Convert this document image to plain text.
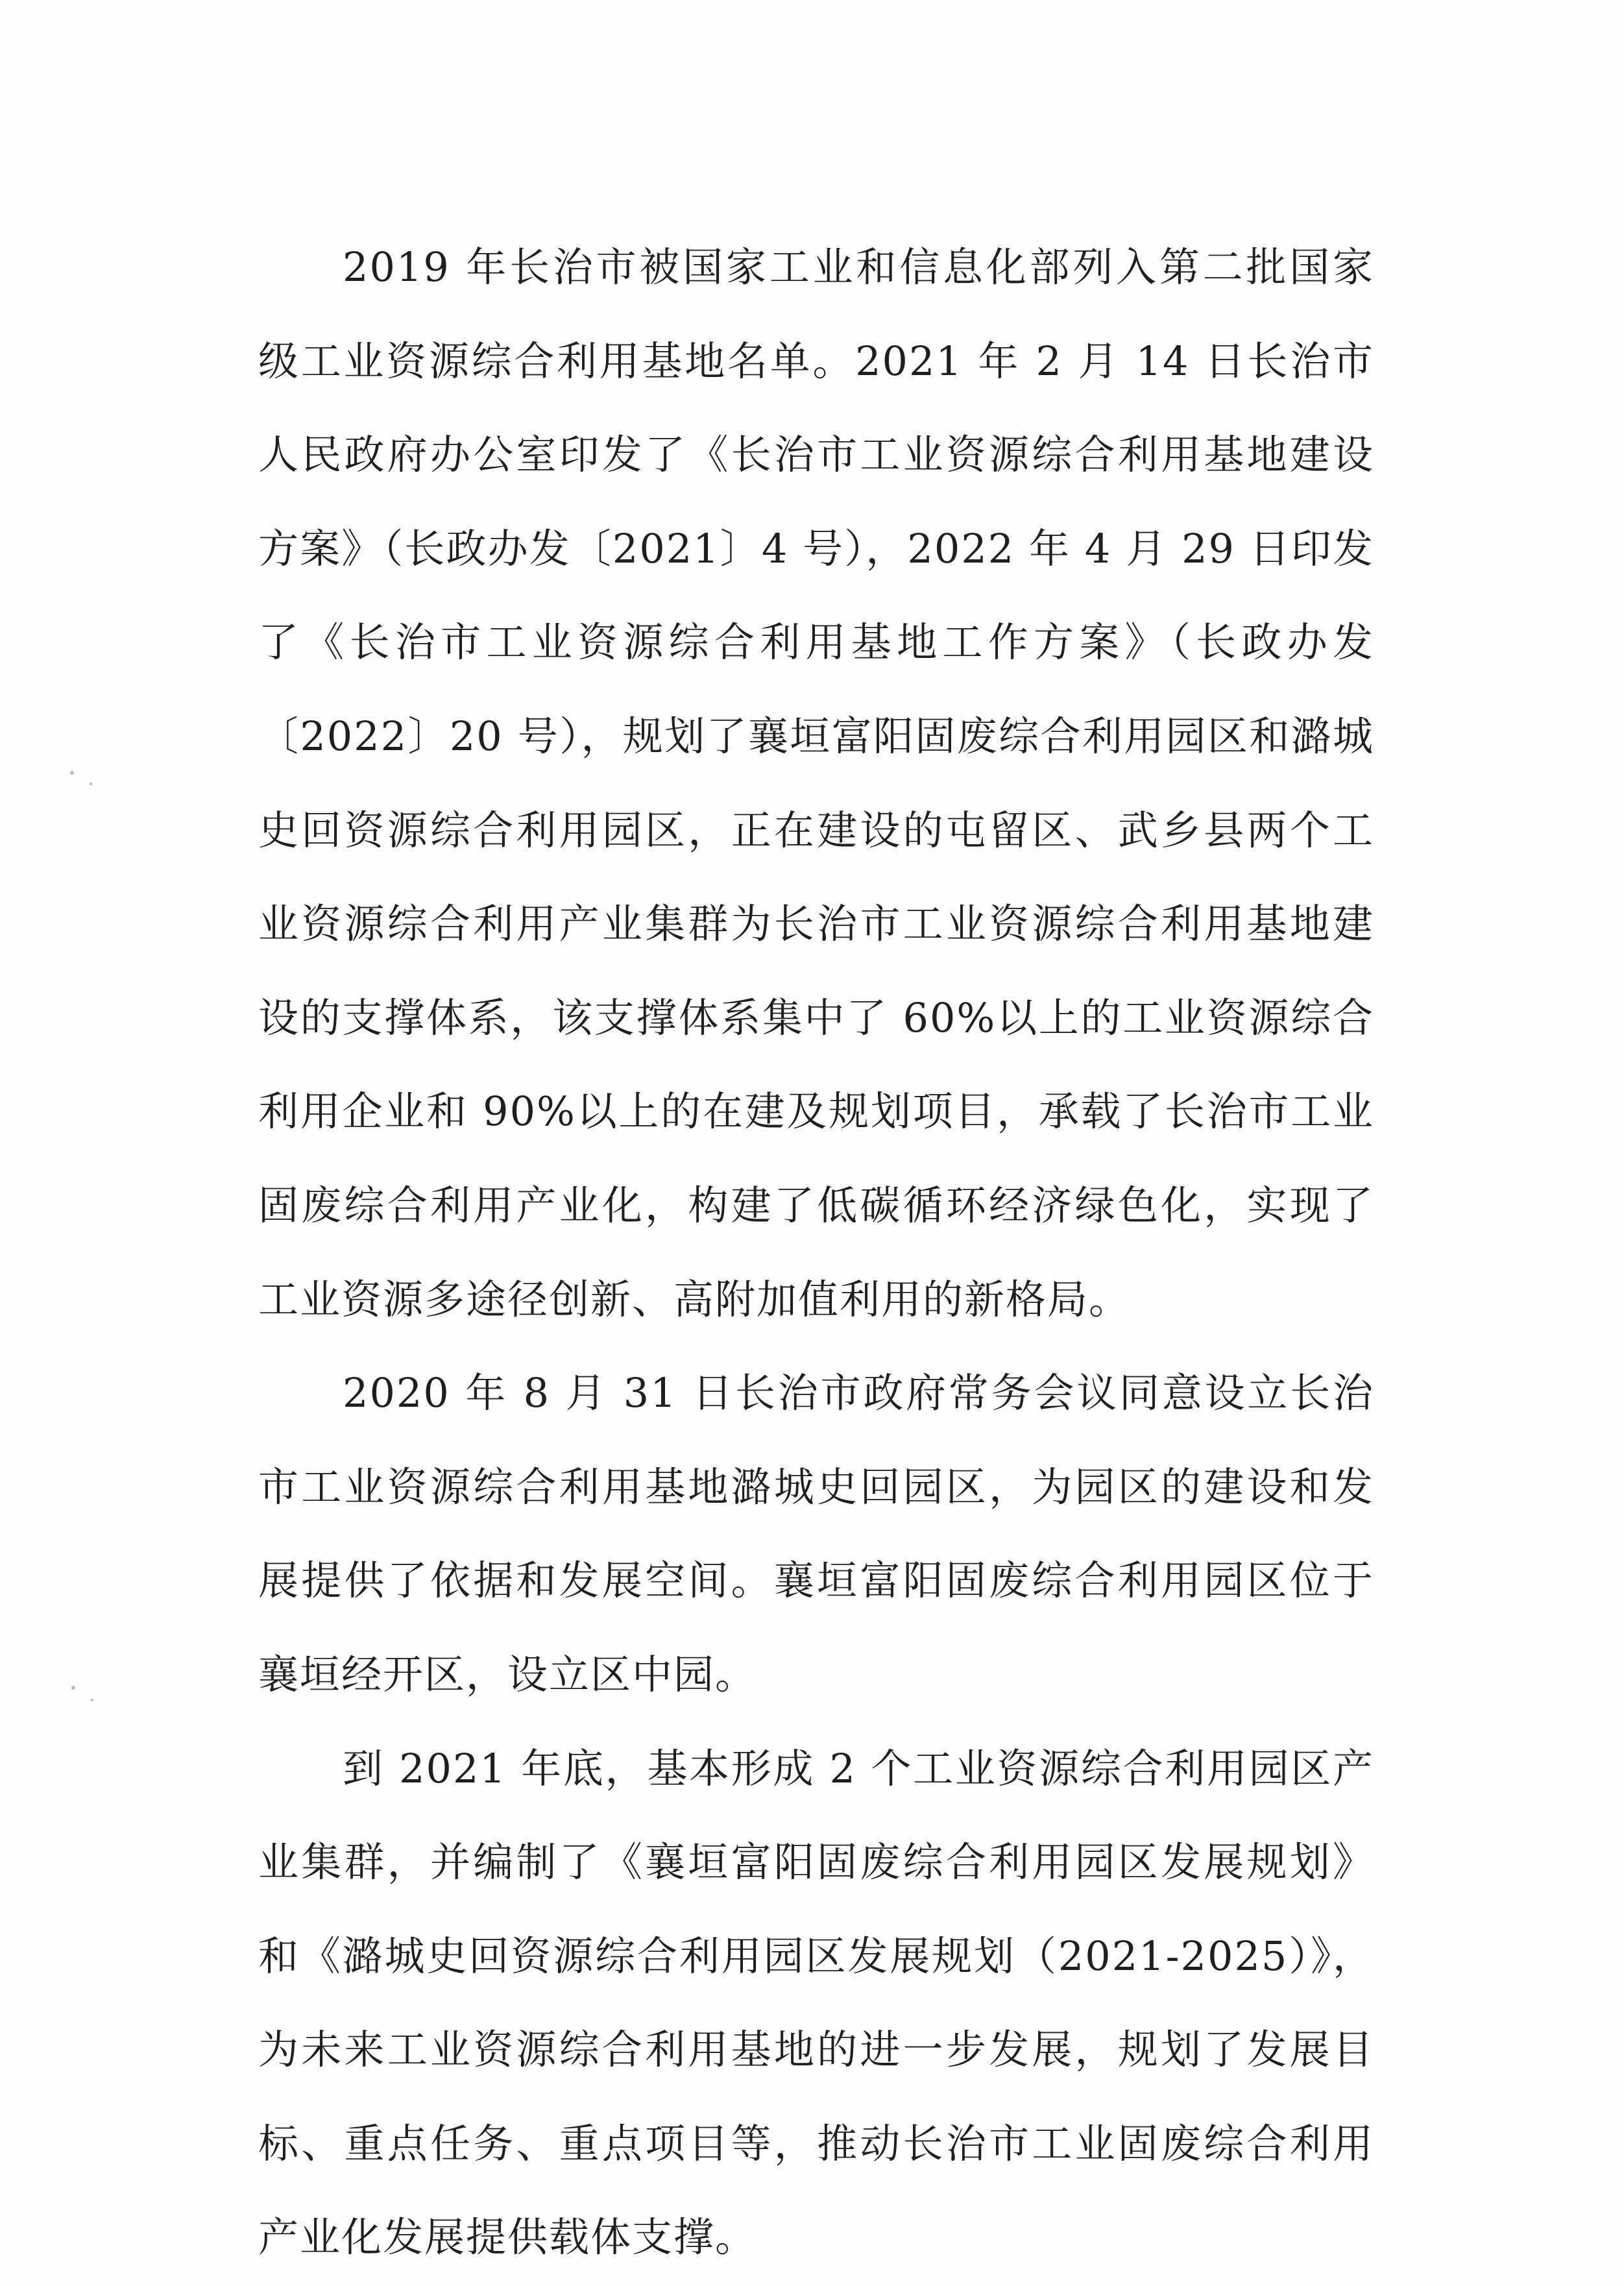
2019 年长治市被国家工业和信息化部列入第二批国家级工业资源综合利用基地名单。2021 年 2 月 14 日长治市人民政府办公室印发了《长治市工业资源综合利用基地建设方案》（长政办发〔2021〕4 号），2022 年 4 月 29 日印发了《长治市工业资源综合利用基地工作方案》（长政办发〔2022〕20 号），规划了襄垣富阳固废综合利用园区和潞城史回资源综合利用园区，正在建设的屯留区、武乡县两个工业资源综合利用产业集群为长治市工业资源综合利用基地建设的支撑体系，该支撑体系集中了 60%以上的工业资源综合利用企业和 90%以上的在建及规划项目，承载了长治市工业固废综合利用产业化，构建了低碳循环经济绿色化，实现了工业资源多途径创新、高附加值利用的新格局。

2020 年 8 月 31 日长治市政府常务会议同意设立长治市工业资源综合利用基地潞城史回园区，为园区的建设和发展提供了依据和发展空间。襄垣富阳固废综合利用园区位于襄垣经开区，设立区中园。

到 2021 年底，基本形成 2 个工业资源综合利用园区产业集群，并编制了《襄垣富阳固废综合利用园区发展规划》和《潞城史回资源综合利用园区发展规划（2021-2025）》，为未来工业资源综合利用基地的进一步发展，规划了发展目标、重点任务、重点项目等，推动长治市工业固废综合利用产业化发展提供载体支撑。
